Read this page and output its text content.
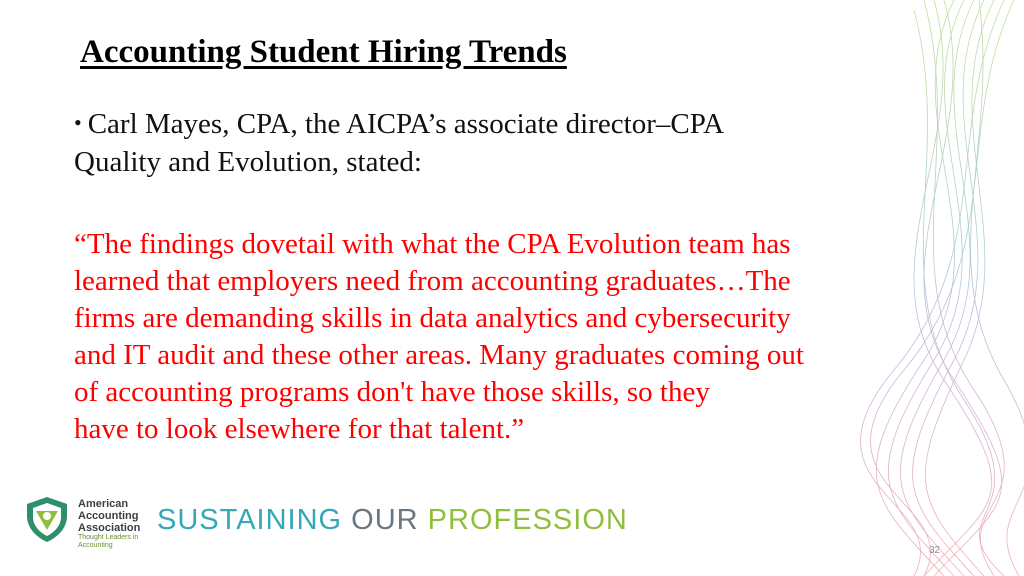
Accounting Student Hiring Trends

• Carl Mayes, CPA, the AICPA’s associate director–CPA
Quality and Evolution, stated:

“The findings dovetail with what the CPA Evolution team has
learned that employers need from accounting graduates…The
firms are demanding skills in data analytics and cybersecurity
and IT audit and these other areas. Many graduates coming out
of accounting programs don't have those skills, so they
have to look elsewhere for that talent.”

American
Accounting
Association
Thought Leaders in
Accounting
SUSTAINING OUR PROFESSION
32
